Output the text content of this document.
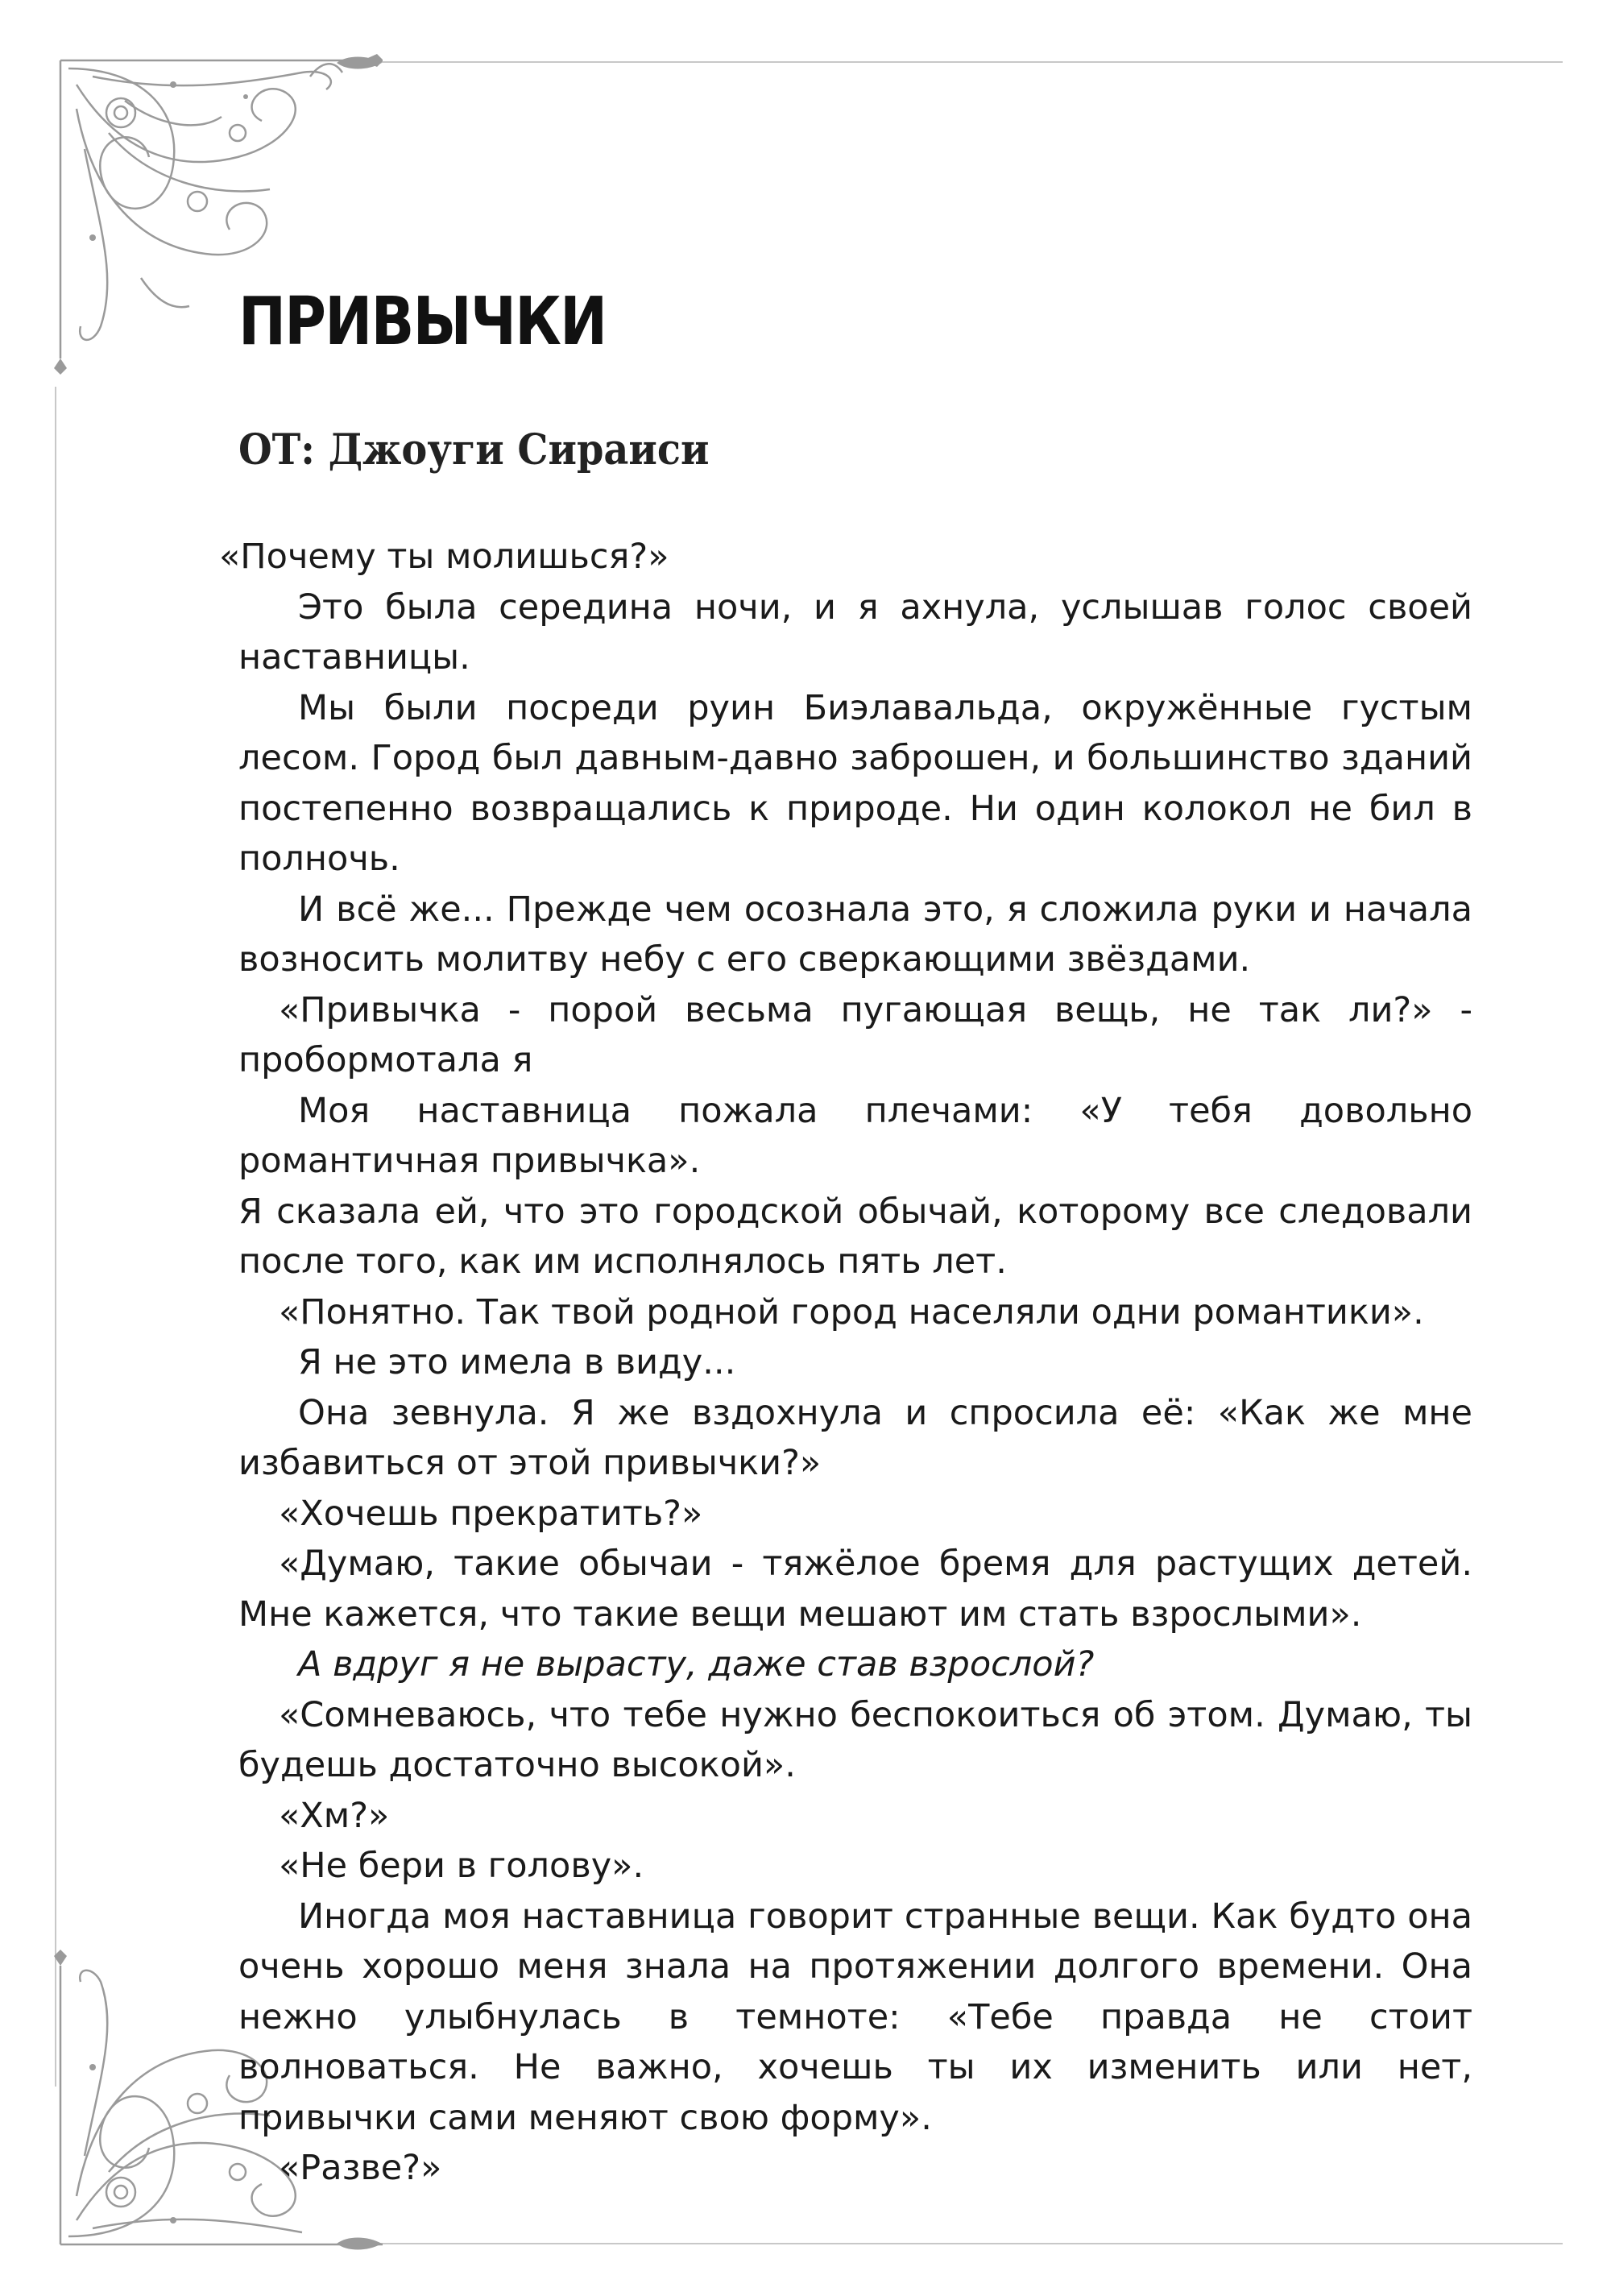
ПРИВЫЧКИ
ОТ: Джоуги Сираиси

«Почему ты молишься?»

Это была середина ночи, и я ахнула, услышав голос своей наставницы.

Мы были посреди руин Биэлавальда, окружённые густым лесом. Город был давным-давно заброшен, и большинство зданий постепенно возвращались к природе. Ни один колокол не бил в полночь.

И всё же... Прежде чем осознала это, я сложила руки и начала возносить молитву небу с его сверкающими звёздами.

«Привычка - порой весьма пугающая вещь, не так ли?» - пробормотала я

Моя наставница пожала плечами: «У тебя довольно романтичная привычка».

Я сказала ей, что это городской обычай, которому все следовали после того, как им исполнялось пять лет.

«Понятно. Так твой родной город населяли одни романтики».

Я не это имела в виду...

Она зевнула. Я же вздохнула и спросила её: «Как же мне избавиться от этой привычки?»

«Хочешь прекратить?»

«Думаю, такие обычаи - тяжёлое бремя для растущих детей. Мне кажется, что такие вещи мешают им стать взрослыми».

А вдруг я не вырасту, даже став взрослой?

«Сомневаюсь, что тебе нужно беспокоиться об этом. Думаю, ты будешь достаточно высокой».

«Хм?»

«Не бери в голову».

Иногда моя наставница говорит странные вещи. Как будто она очень хорошо меня знала на протяжении долгого времени. Она нежно улыбнулась в темноте: «Тебе правда не стоит волноваться. Не важно, хочешь ты их изменить или нет, привычки сами меняют свою форму».

«Разве?»
